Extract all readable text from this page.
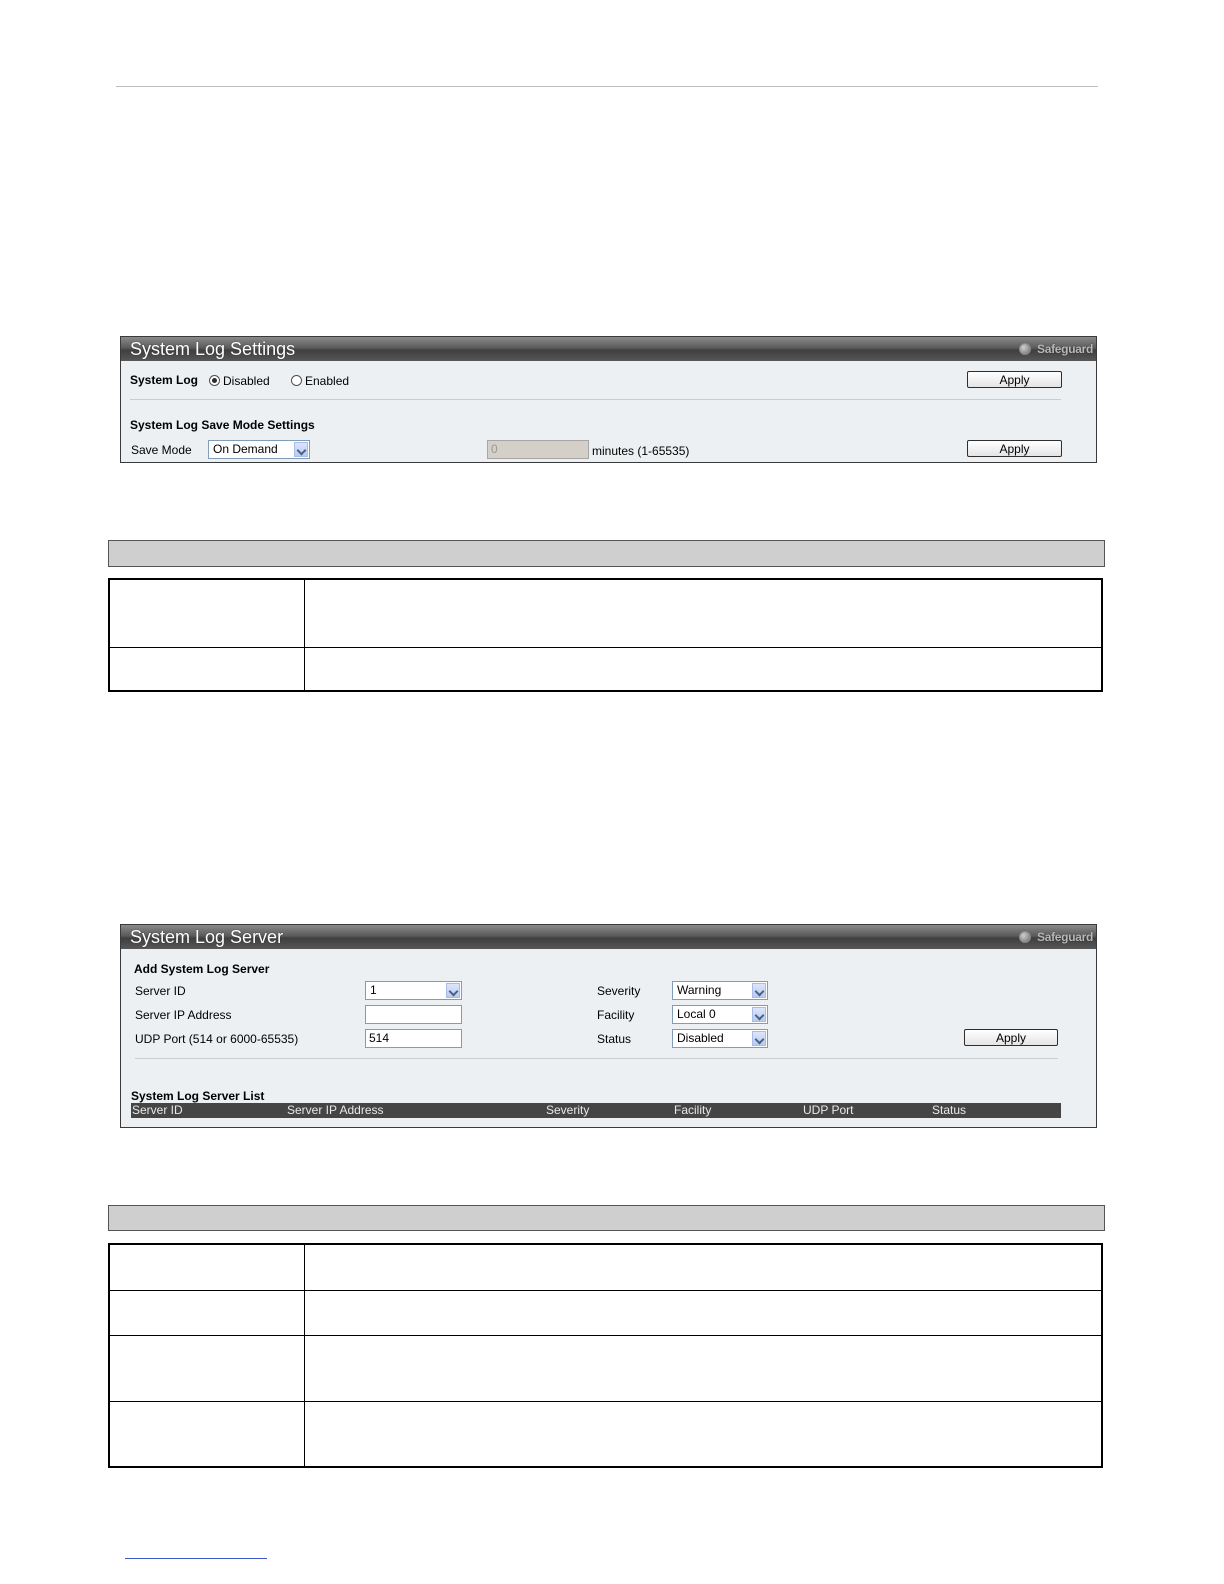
System Log Settings	Safeguard
System Log Disabled	Enabled	Apply
System Log Save Mode Settings
Save Mode	On Demand	0	minutes (1-65535)	Apply

System Log Server	Safeguard
Add System Log Server
Server ID	1
Server IP Address
UDP Port (514 or 6000-65535)	514
Severity	Warning
Facility	Local 0
Status	Disabled	Apply
System Log Server List
Server ID	Server IP Address	Severity	Facility	UDP Port	Status
